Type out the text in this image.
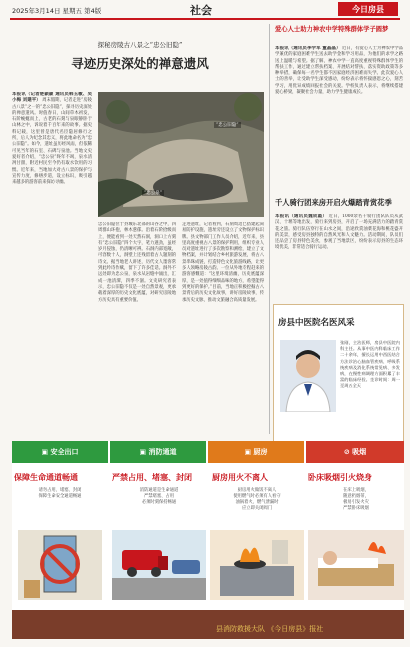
2025年3月14日 星期五 第4版	社会	今日房县
探秘房陵古八景之“忠公旧隐”
寻迹历史深处的禅意遗风
本报讯（记者楚颖颖 通讯员韩玉敏、吴小梅 刘建平） 周末假期，记者走进“房陵古八景”之一的“忠公旧隐”，探寻历史深处的禅意遗风。时值春日，山间草木初发，石阶蜿蜒而上，古老的石刻与泉眼静卧于山林之中，诉说着千百年来的故事。据史料记载，这里曾是唐代名臣隐居修行之所，后人为纪念其忠义，将此地命名为“忠公旧隐”。如今，遗址虽历经风雨，但依稀可见当年的石室、石碑与泉池。当地文史爱好者介绍，“忠公泉”终年不竭，泉水清冽甘甜，附近村民至今仍有取水饮用的习惯。近年来，当地加大对古八景的保护与宣传力度，修缮步道，设立标识，吸引越来越多的游客前来探访寻幽。
“忠公旧隐”
“忠公泉”
忠公旧隐位于县城东北部的山谷之中，四周群山环抱，林木葱郁。沿着石阶拾级而上，便能看到一处天然石洞，洞口上方刻有“忠公旧隐”四个大字，笔力遒劲，虽经岁月侵蚀，仍清晰可辨。石洞内部宽敞，可容数十人，洞壁上还残留着古人题刻的诗文。据当地老人讲述，历代文人墨客常到此吟诗作赋，留下了许多佳话。洞外不远处即为忠公泉，泉水从岩缝中涌出，汇成一池清潭，四季不涸。文史研究者表示，忠公旧隐不仅是一处自然景观，更承载着深厚的历史文化底蕴，对研究房陵地方历史具有重要价值。
走进遗址，记者看到，石刻周边已搭建起简易防护设施，遗址旁还设立了文物保护标识牌。县文物部门工作人员介绍，近年来，县里高度重视古八景的保护利用，组织专业人员对遗址进行了多次勘察和测绘，建立了文物档案，并计划结合乡村旅游发展，将古八景串珠成链，打造特色文化旅游线路，让更多人领略房陵古韵。一位从外地专程赶来的游客感慨道：“这里环境清幽，历史底蕴深厚，是一处值得细细品味的地方，希望能得到更好的保护。”目前，当地正积极挖掘古八景背后的历史文化故事，讲好房陵故事，传承历史文脉，推动文旅融合高质量发展。
爱心人士助力神农中学特殊群体学子圆梦
本报讯（通讯员李学军 董晶晶） 近日，有爱心人士为神农中学品学兼优的家庭困难学生送去助学金和学习用品，为他们的求学之路送上温暖与希望。据了解，神农中学一直高度重视特殊群体学生的帮扶工作，通过建立帮扶档案、开展结对帮扶、落实资助政策等多种举措，确保每一名学生都不因家庭经济困难而失学。此次爱心人士的善举，让受助学生深受感动，纷纷表示将怀揣感恩之心，刻苦学习，用优异成绩回报社会的关爱。学校负责人表示，将继续搭建爱心桥梁，凝聚社会力量，助力学生健康成长。
千人骑行团来房开启火爆踏青赏花季
本报讯（通讯员魏成霞） 近日，1000余名千骑行团队队员从武汉、十堰等地出发，骑行来到房县，开启了一场充满活力的踏青赏花之旅。骑行队伍穿行在山水之间，沿途欣赏油菜花海和桃花盛开的美景，感受房县独特的自然风光和人文魅力。活动期间，队员们还品尝了房县特色美食，参观了当地景区，纷纷表示房县的生态环境优美，非常适合骑行运动。
房县中医院名医风采
张刚，主治医师，房县中医院内科主任。从事中医内科临床工作二十余年，擅长运用中西医结合方法诊治心脑血管疾病、呼吸系统疾病及消化系统常见病、多发病，在慢性病调理方面积累了丰富的临床经验。坐诊时间：周一至周五全天
▣ 安全出口	▣ 消防通道	▣ 厨房	⊘ 吸烟
保障生命通道畅通	严禁占用、堵塞、封闭	厨房用火不离人	卧床吸烟引火烧身
请勿占用、堵塞、封闭
保障生命安全通道畅通
消防通道是生命通道
严禁堵塞、占用
必须时刻保持畅通
厨房用火做饭不离人
使用燃气时必须有人看守
油锅着火、燃气泄漏时
应立即关闭阀门
在床上吸烟，
随意扔烟蒂，
极易引发火灾
严禁卧床吸烟
县消防救援大队 《今日房县》报社
